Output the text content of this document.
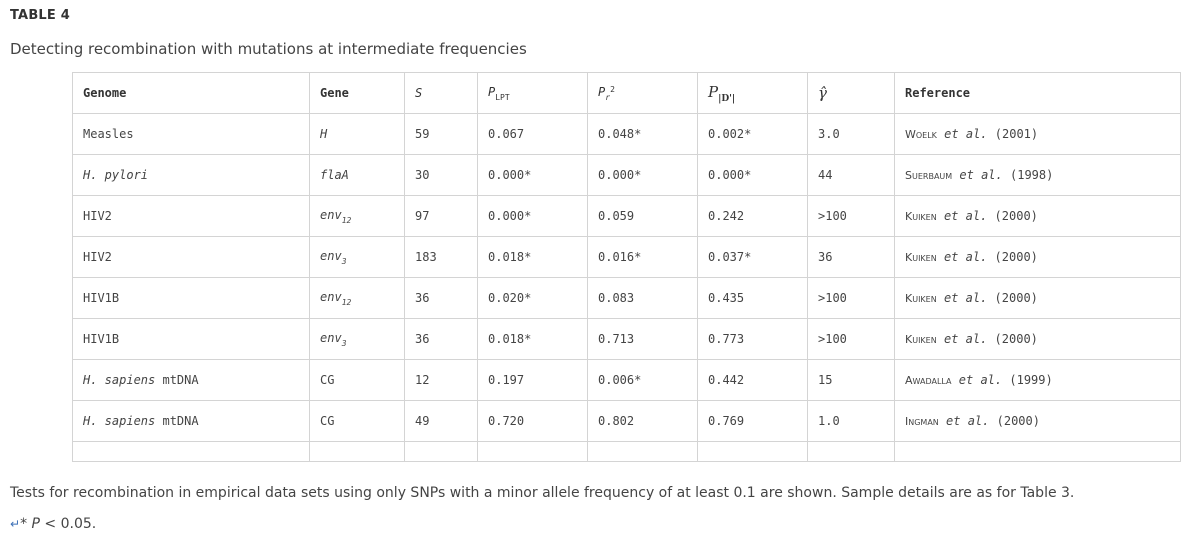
TABLE 4
Detecting recombination with mutations at intermediate frequencies
Genome	Gene	S	$P_{LPT}$	$P_r^2$	$P_{|D'|}$	γ̂	Reference
Measles	H	59	0.067	0.048*	0.002*	3.0	Woelk et al. (2001)
H. pylori	flaA	30	0.000*	0.000*	0.000*	44	Suerbaum et al. (1998)
HIV2	env$_{12}$	97	0.000*	0.059	0.242	>100	Kuiken et al. (2000)
HIV2	env$_3$	183	0.018*	0.016*	0.037*	36	Kuiken et al. (2000)
HIV1B	env$_{12}$	36	0.020*	0.083	0.435	>100	Kuiken et al. (2000)
HIV1B	env$_3$	36	0.018*	0.713	0.773	>100	Kuiken et al. (2000)
H. sapiens mtDNA	CG	12	0.197	0.006*	0.442	15	Awadalla et al. (1999)
H. sapiens mtDNA	CG	49	0.720	0.802	0.769	1.0	Ingman et al. (2000)

Tests for recombination in empirical data sets using only SNPs with a minor allele frequency of at least 0.1 are shown. Sample details are as for Table 3.
↵* P < 0.05.
